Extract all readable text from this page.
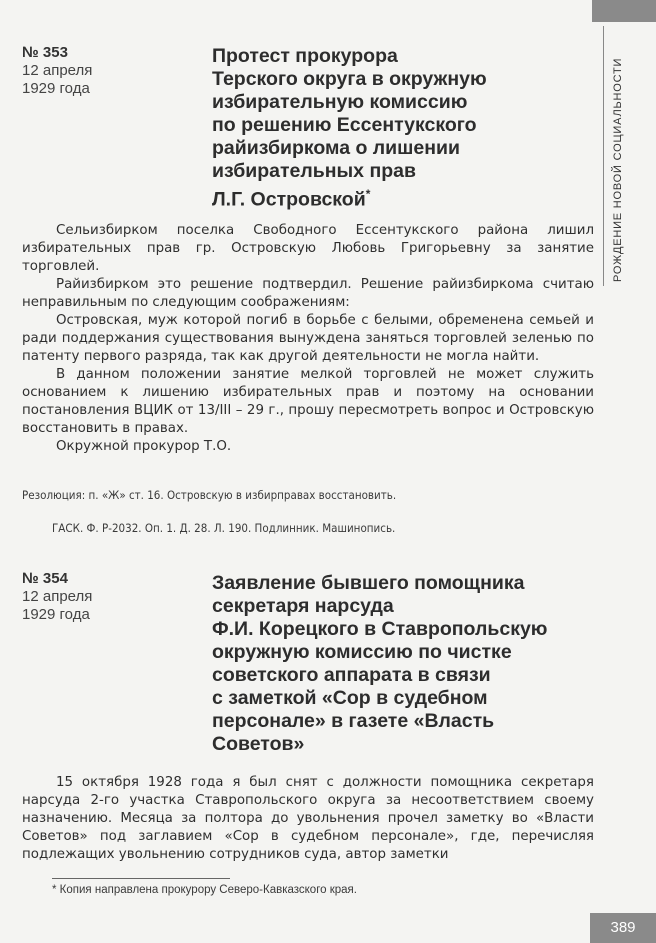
РОЖДЕНИЕ НОВОЙ СОЦИАЛЬНОСТИ
№ 353
12 апреля
1929 года
Протест прокурора
Терского округа в окружную
избирательную комиссию
по решению Ессентукского
райизбиркома о лишении
избирательных прав
Л.Г. Островской*

Сельизбирком поселка Свободного Ессентукского района лишил избирательных прав гр. Островскую Любовь Григорьевну за занятие торговлей.

Райизбирком это решение подтвердил. Решение райизбиркома считаю неправильным по следующим соображениям:

Островская, муж которой погиб в борьбе с белыми, обременена семьей и ради поддержания существования вынуждена заняться торговлей зеленью по патенту первого разряда, так как другой деятельности не могла найти.

В данном положении занятие мелкой торговлей не может служить основанием к лишению избирательных прав и поэтому на основании постановления ВЦИК от 13/III – 29 г., прошу пересмотреть вопрос и Островскую восстановить в правах.

Окружной прокурор Т.О.

Резолюция: п. «Ж» ст. 16. Островскую в избирправах восстановить.
ГАСК. Ф. Р-2032. Оп. 1. Д. 28. Л. 190. Подлинник. Машинопись.
№ 354
12 апреля
1929 года
Заявление бывшего помощника
секретаря нарсуда
Ф.И. Корецкого в Ставропольскую
окружную комиссию по чистке
советского аппарата в связи
с заметкой «Сор в судебном
персонале» в газете «Власть
Советов»

15 октября 1928 года я был снят с должности помощника секретаря нарсуда 2-го участка Ставропольского округа за несоответствием своему назначению. Месяца за полтора до увольнения прочел заметку во «Власти Советов» под заглавием «Сор в судебном персонале», где, перечисляя подлежащих увольнению сотрудников суда, автор заметки

* Копия направлена прокурору Северо-Кавказского края.
389
